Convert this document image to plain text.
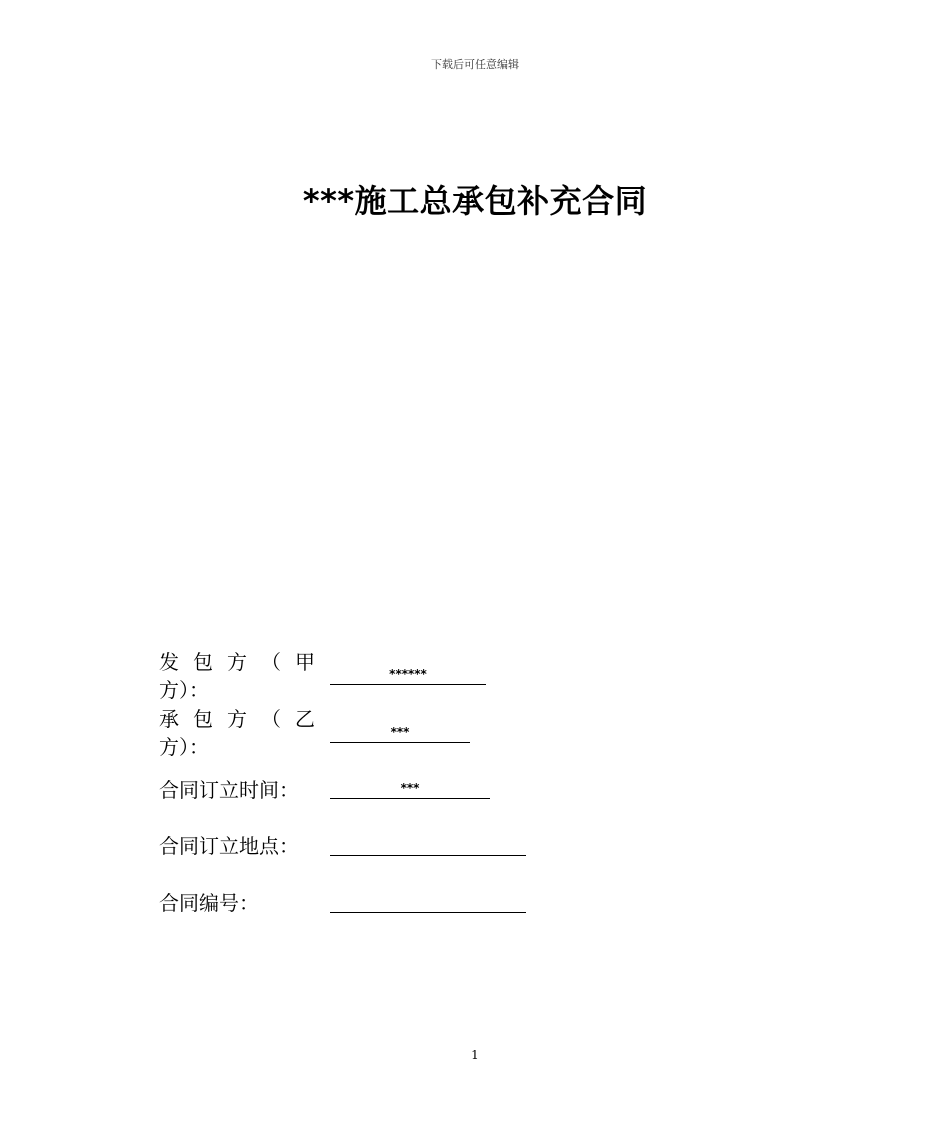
下载后可任意编辑
***施工总承包补充合同
发 包 方 （ 甲
方）：
******
承 包 方 （ 乙
方）：
***
合同订立时间：	***
合同订立地点：
合同编号：
1
